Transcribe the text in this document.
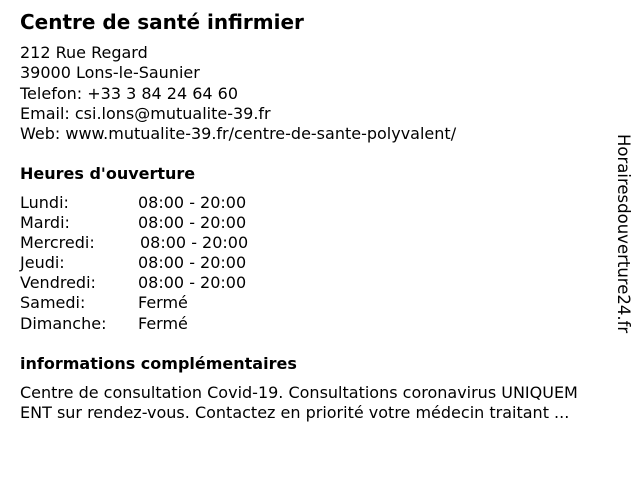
Centre de santé infirmier
212 Rue Regard
39000 Lons-le-Saunier
Telefon: +33 3 84 24 64 60
Email: csi.lons@mutualite-39.fr
Web: www.mutualite-39.fr/centre-de-sante-polyvalent/
Heures d'ouverture
Lundi:	08:00 - 20:00
Mardi:	08:00 - 20:00
Mercredi:	08:00 - 20:00
Jeudi:	08:00 - 20:00
Vendredi:	08:00 - 20:00
Samedi:	Fermé
Dimanche: Fermé
informations complémentaires
Centre de consultation Covid-19. Consultations coronavirus UNIQUEM
ENT sur rendez-vous. Contactez en priorité votre médecin traitant ...
Horairesdouverture24.fr
